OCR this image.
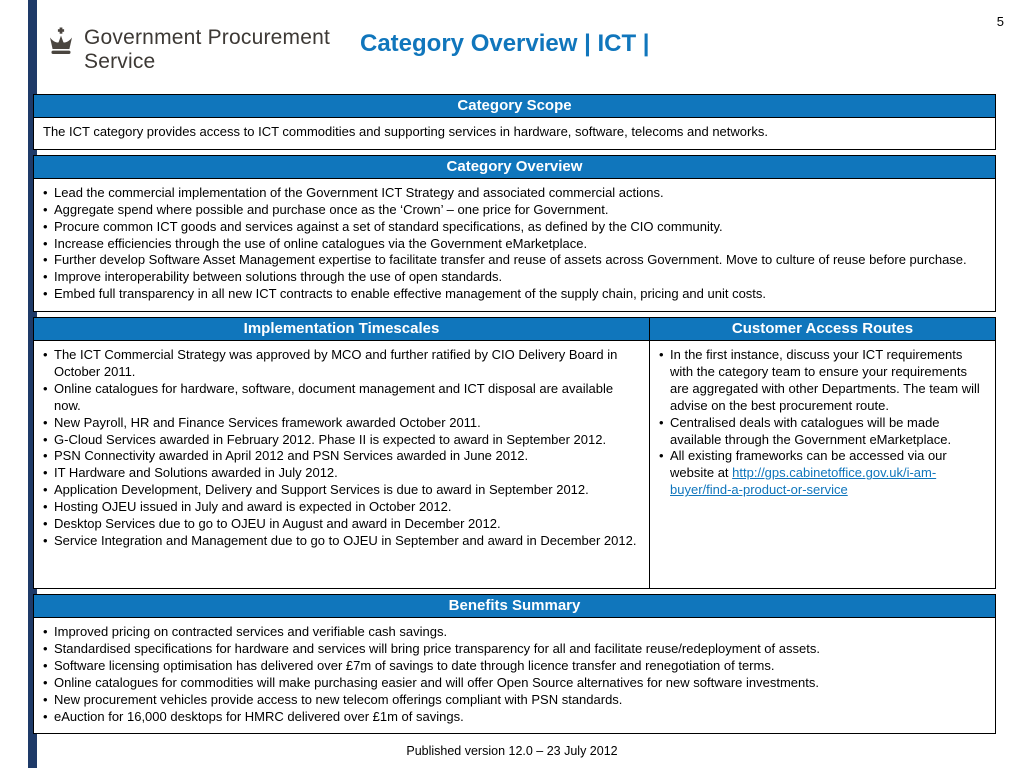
5
Government Procurement
Service
Category Overview | ICT |
Category Scope
The ICT category provides access to ICT commodities and supporting services in hardware, software, telecoms and networks.
Category Overview
• Lead the commercial implementation of the Government ICT Strategy and associated commercial actions.
• Aggregate spend where possible and purchase once as the ‘Crown’ – one price for Government.
• Procure common ICT goods and services against a set of standard specifications, as defined by the CIO community.
• Increase efficiencies through the use of online catalogues via the Government eMarketplace.
• Further develop Software Asset Management expertise to facilitate transfer and reuse of assets across Government. Move to culture of reuse before purchase.
• Improve interoperability between solutions through the use of open standards.
• Embed full transparency in all new ICT contracts to enable effective management of the supply chain, pricing and unit costs.
Implementation Timescales
• The ICT Commercial Strategy was approved by MCO and further ratified by CIO Delivery Board in October 2011.
• Online catalogues for hardware, software, document management and ICT disposal are available now.
• New Payroll, HR and Finance Services framework awarded October 2011.
• G-Cloud Services awarded in February 2012. Phase II is expected to award in September 2012.
• PSN Connectivity awarded in April 2012 and PSN Services awarded in June 2012.
• IT Hardware and Solutions awarded in July 2012.
• Application Development, Delivery and Support Services is due to award in September 2012.
• Hosting OJEU issued in July and award is expected in October 2012.
• Desktop Services due to go to OJEU in August and award in December 2012.
• Service Integration and Management due to go to OJEU in September and award in December 2012.
Customer Access Routes
• In the first instance, discuss your ICT requirements with the category team to ensure your requirements are aggregated with other Departments. The team will advise on the best procurement route.
• Centralised deals with catalogues will be made available through the Government eMarketplace.
• All existing frameworks can be accessed via our website at http://gps.cabinetoffice.gov.uk/i-am-buyer/find-a-product-or-service
Benefits Summary
• Improved pricing on contracted services and verifiable cash savings.
• Standardised specifications for hardware and services will bring price transparency for all and facilitate reuse/redeployment of assets.
• Software licensing optimisation has delivered over £7m of savings to date through licence transfer and renegotiation of terms.
• Online catalogues for commodities will make purchasing easier and will offer Open Source alternatives for new software investments.
• New procurement vehicles provide access to new telecom offerings compliant with PSN standards.
• eAuction for 16,000 desktops for HMRC delivered over £1m of savings.
Published version 12.0 – 23 July 2012
